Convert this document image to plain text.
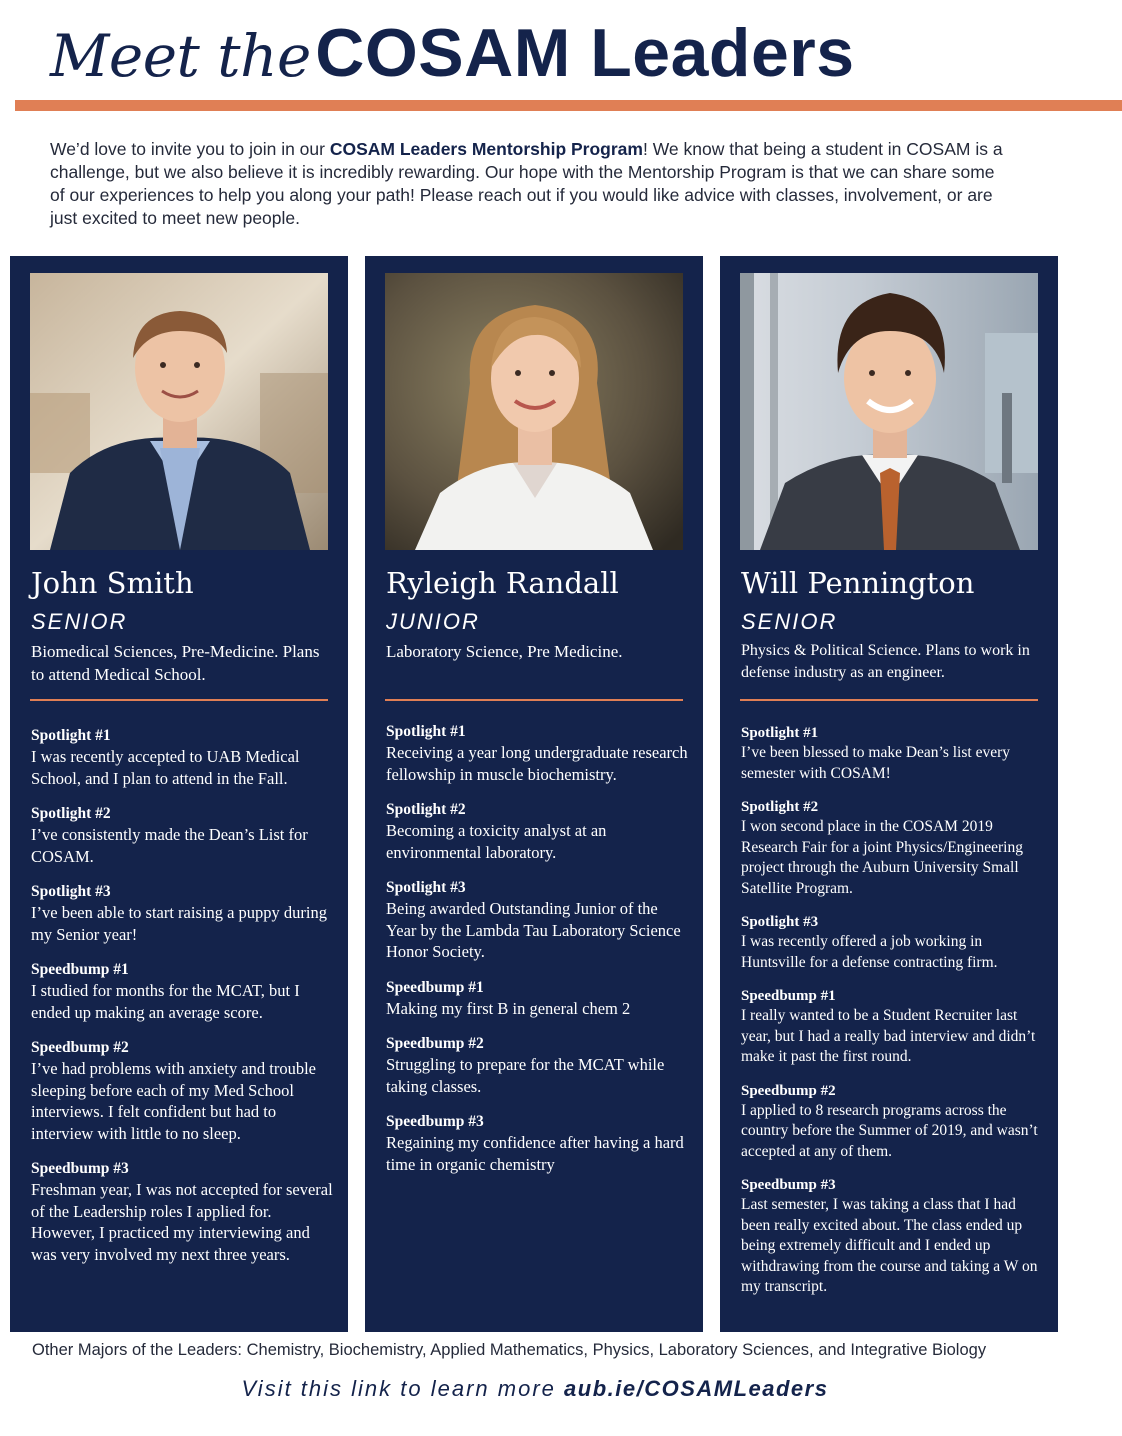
Meet the COSAM Leaders

We’d love to invite you to join in our COSAM Leaders Mentorship Program! We know that being a student in COSAM is a challenge, but we also believe it is incredibly rewarding. Our hope with the Mentorship Program is that we can share some of our experiences to help you along your path! Please reach out if you would like advice with classes, involvement, or are just excited to meet new people.

John Smith
SENIOR
Biomedical Sciences, Pre-Medicine. Plans to attend Medical School.
Spotlight #1
I was recently accepted to UAB Medical School, and I plan to attend in the Fall.
Spotlight #2
I’ve consistently made the Dean’s List for COSAM.
Spotlight #3
I’ve been able to start raising a puppy during my Senior year!
Speedbump #1
I studied for months for the MCAT, but I ended up making an average score.
Speedbump #2
I’ve had problems with anxiety and trouble sleeping before each of my Med School interviews. I felt confident but had to interview with little to no sleep.
Speedbump #3
Freshman year, I was not accepted for several of the Leadership roles I applied for. However, I practiced my interviewing and was very involved my next three years.
Ryleigh Randall
JUNIOR
Laboratory Science, Pre Medicine.
Spotlight #1
Receiving a year long undergraduate research fellowship in muscle biochemistry.
Spotlight #2
Becoming a toxicity analyst at an environmental laboratory.
Spotlight #3
Being awarded Outstanding Junior of the Year by the Lambda Tau Laboratory Science Honor Society.
Speedbump #1
Making my first B in general chem 2
Speedbump #2
Struggling to prepare for the MCAT while taking classes.
Speedbump #3
Regaining my confidence after having a hard time in organic chemistry
Will Pennington
SENIOR
Physics & Political Science. Plans to work in defense industry as an engineer.
Spotlight #1
I’ve been blessed to make Dean’s list every semester with COSAM!
Spotlight #2
I won second place in the COSAM 2019 Research Fair for a joint Physics/Engineering project through the Auburn University Small Satellite Program.
Spotlight #3
I was recently offered a job working in Huntsville for a defense contracting firm.
Speedbump #1
I really wanted to be a Student Recruiter last year, but I had a really bad interview and didn’t make it past the first round.
Speedbump #2
I applied to 8 research programs across the country before the Summer of 2019, and wasn’t accepted at any of them.
Speedbump #3
Last semester, I was taking a class that I had been really excited about. The class ended up being extremely difficult and I ended up withdrawing from the course and taking a W on my transcript.
Other Majors of the Leaders: Chemistry, Biochemistry, Applied Mathematics, Physics, Laboratory Sciences, and Integrative Biology
Visit this link to learn more aub.ie/COSAMLeaders
